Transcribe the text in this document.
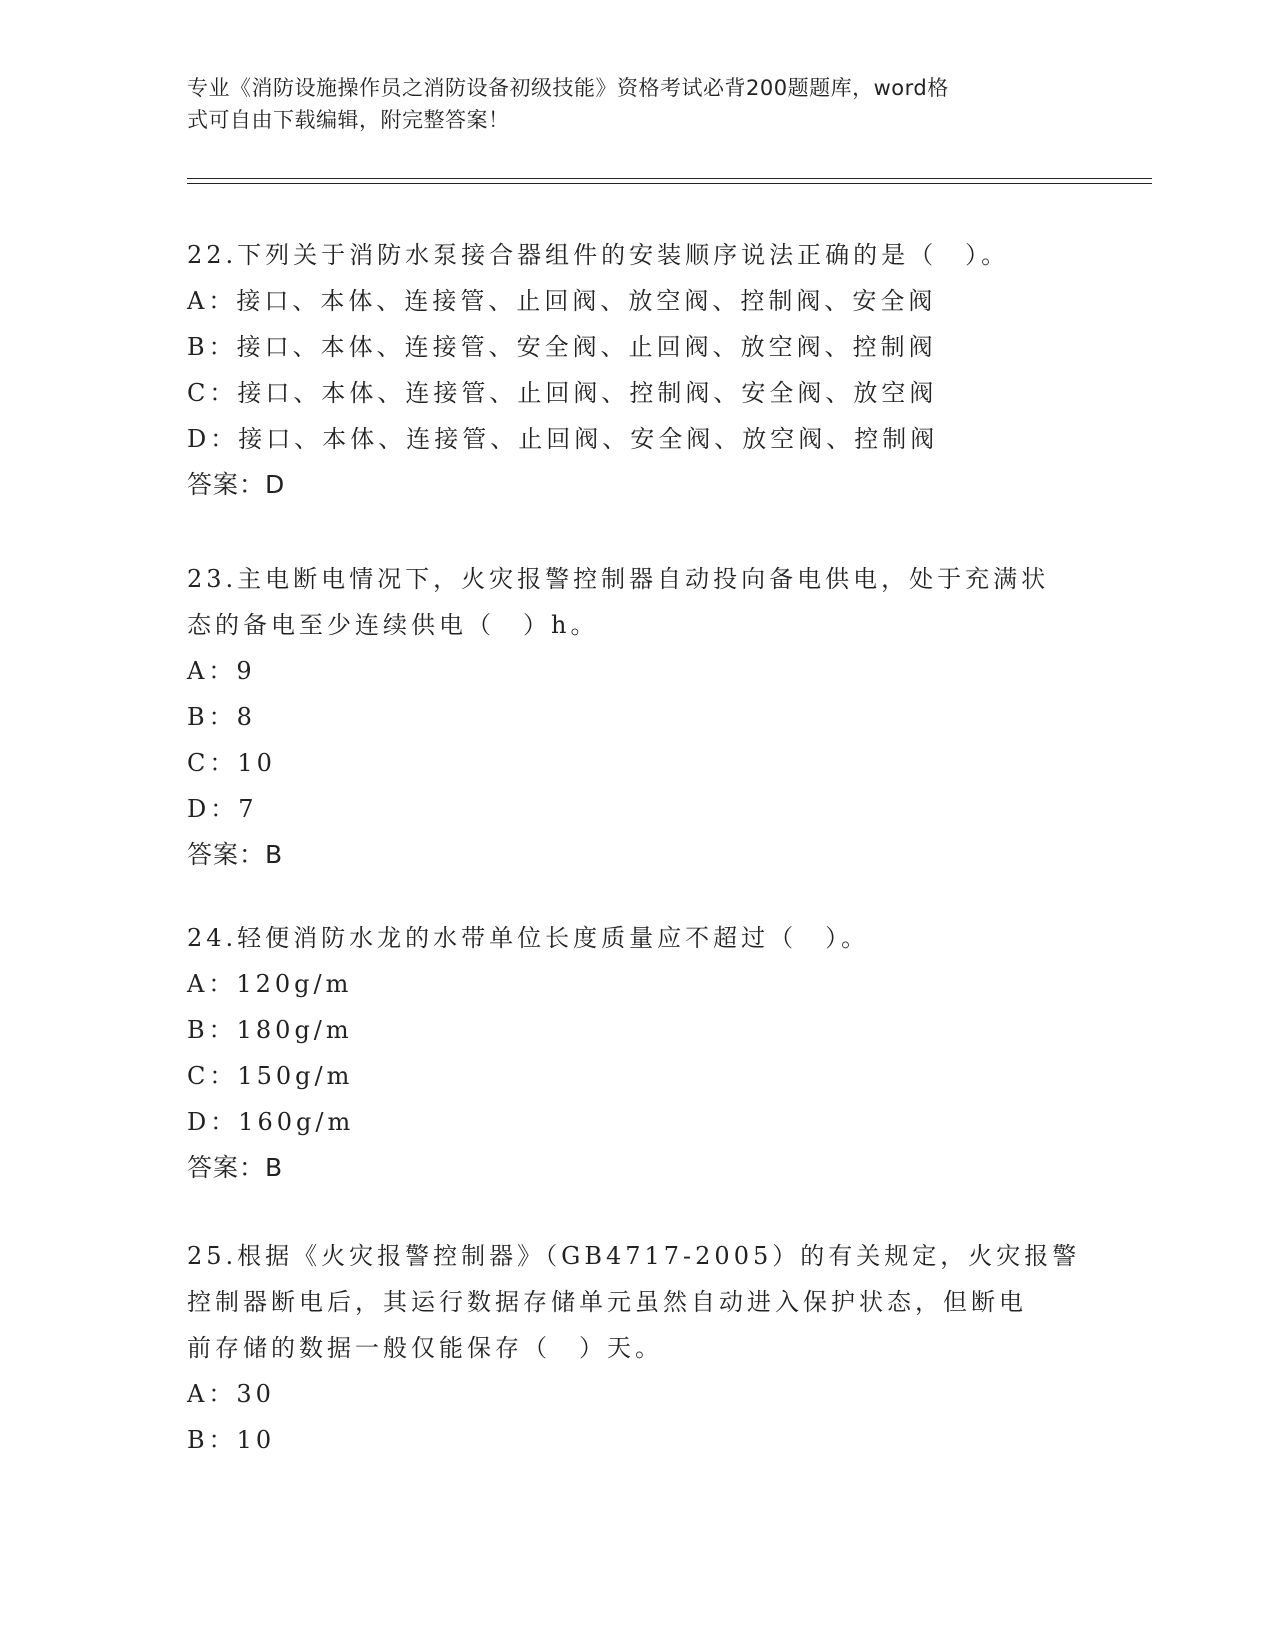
专业《消防设施操作员之消防设备初级技能》资格考试必背200题题库，word格
式可自由下载编辑，附完整答案！
22.下列关于消防水泵接合器组件的安装顺序说法正确的是（　）。
A：接口、本体、连接管、止回阀、放空阀、控制阀、安全阀
B：接口、本体、连接管、安全阀、止回阀、放空阀、控制阀
C：接口、本体、连接管、止回阀、控制阀、安全阀、放空阀
D：接口、本体、连接管、止回阀、安全阀、放空阀、控制阀
答案：D
23.主电断电情况下，火灾报警控制器自动投向备电供电，处于充满状
态的备电至少连续供电（　）h。
A：9
B：8
C：10
D：7
答案：B
24.轻便消防水龙的水带单位长度质量应不超过（　）。
A：120g/m
B：180g/m
C：150g/m
D：160g/m
答案：B
25.根据《火灾报警控制器》（GB4717-2005）的有关规定，火灾报警
控制器断电后，其运行数据存储单元虽然自动进入保护状态，但断电
前存储的数据一般仅能保存（　）天。
A：30
B：10
